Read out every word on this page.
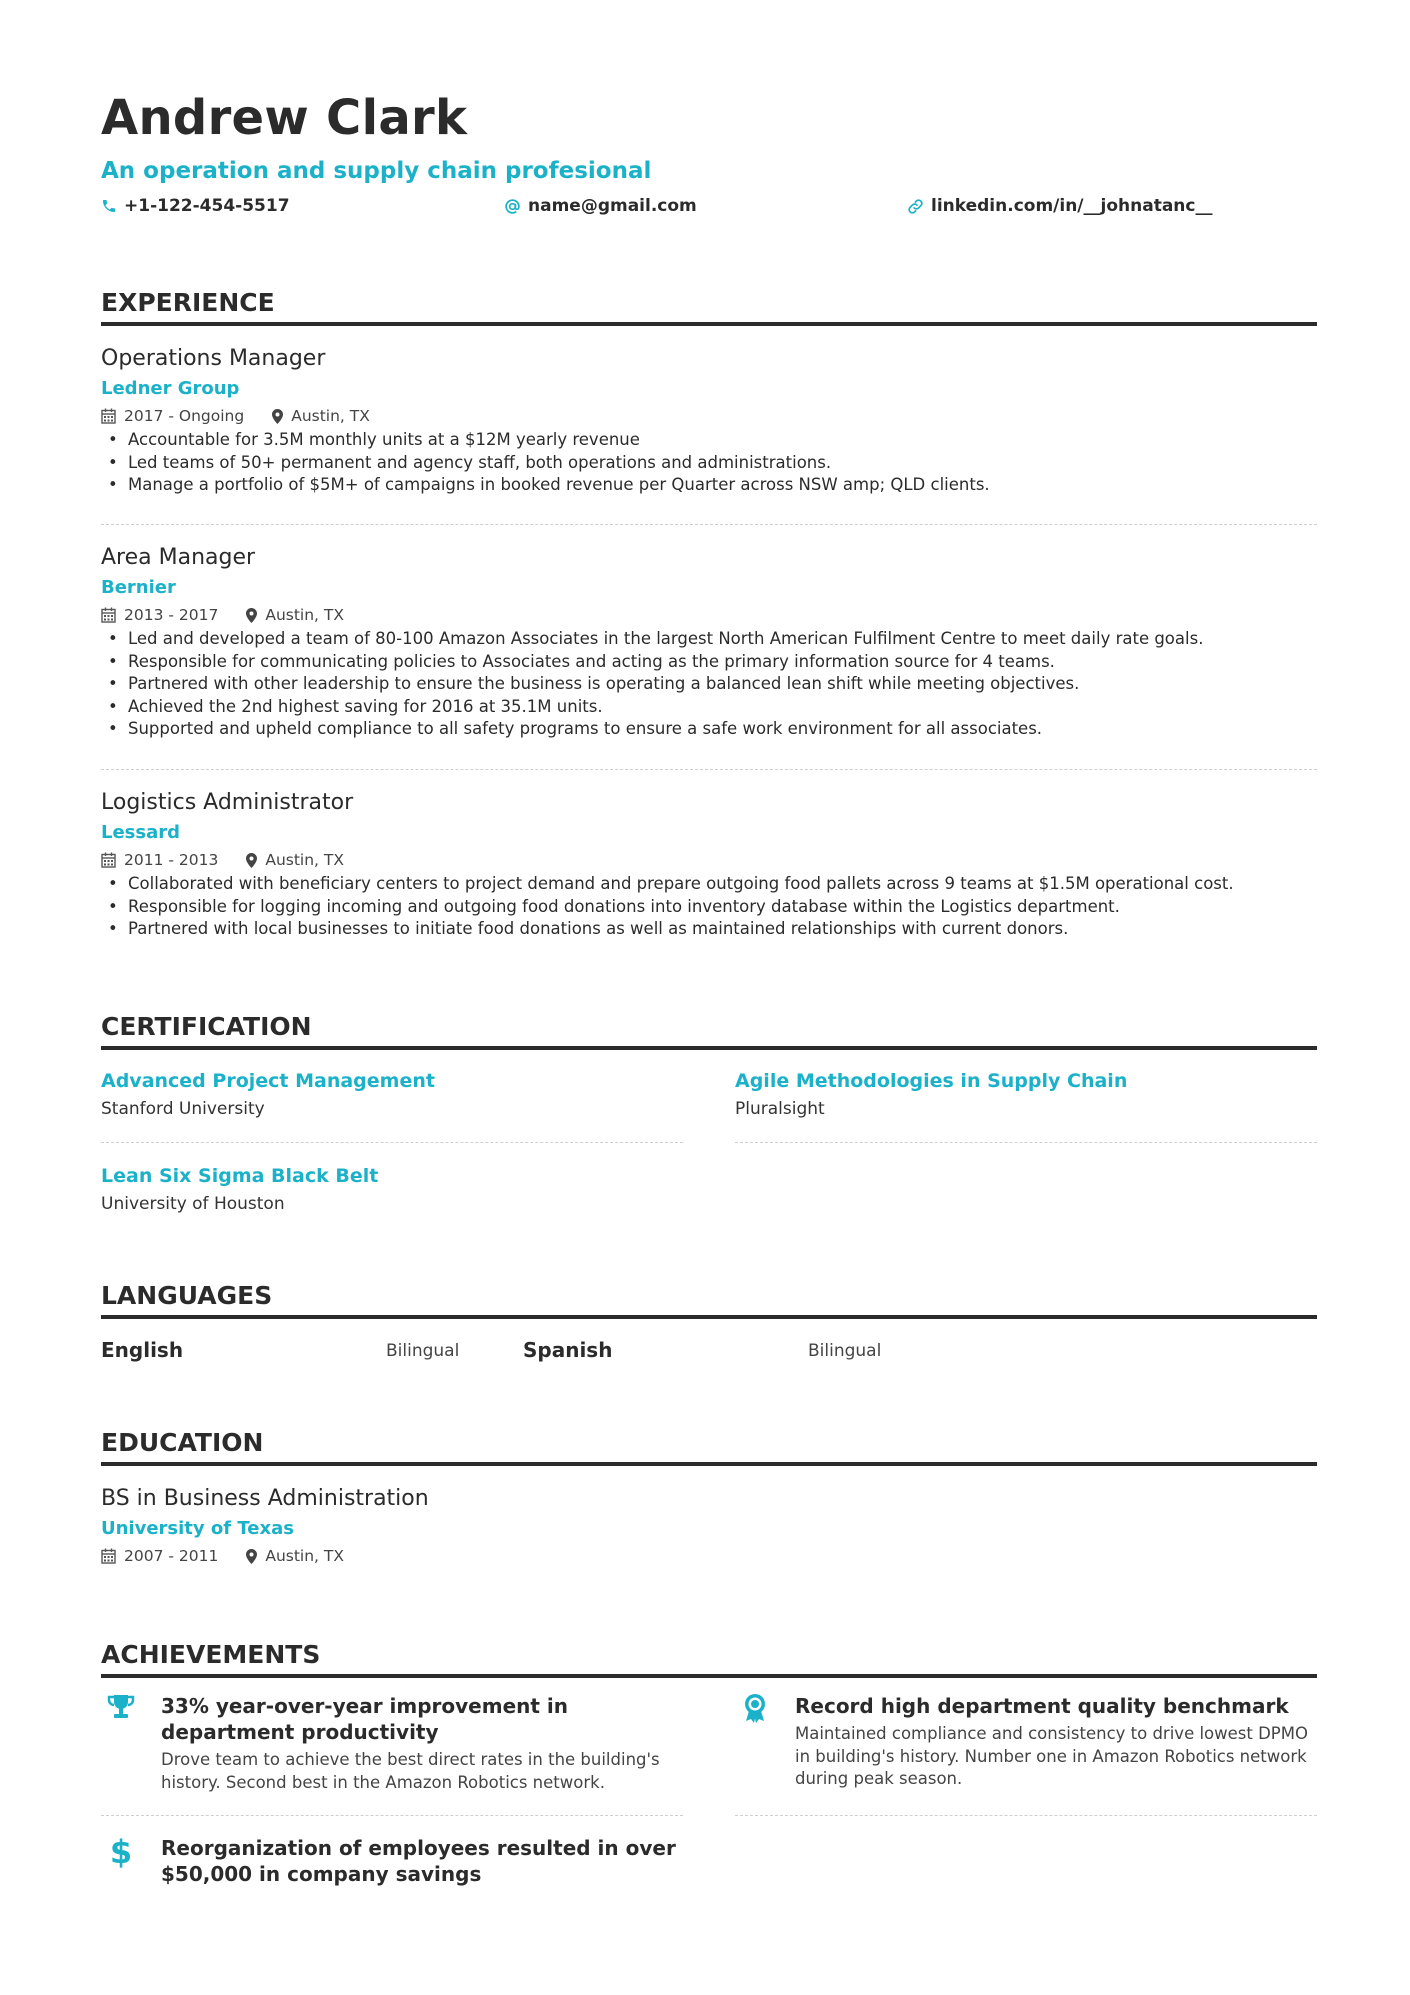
Andrew Clark
An operation and supply chain profesional
+1-122-454-5517	name@gmail.com	linkedin.com/in/__johnatanc__
EXPERIENCE
Operations Manager
Ledner Group
2017 - Ongoing	Austin, TX
• Accountable for 3.5M monthly units at a $12M yearly revenue
• Led teams of 50+ permanent and agency staff, both operations and administrations.
• Manage a portfolio of $5M+ of campaigns in booked revenue per Quarter across NSW amp; QLD clients.
Area Manager
Bernier
2013 - 2017	Austin, TX
• Led and developed a team of 80-100 Amazon Associates in the largest North American Fulfilment Centre to meet daily rate goals.
• Responsible for communicating policies to Associates and acting as the primary information source for 4 teams.
• Partnered with other leadership to ensure the business is operating a balanced lean shift while meeting objectives.
• Achieved the 2nd highest saving for 2016 at 35.1M units.
• Supported and upheld compliance to all safety programs to ensure a safe work environment for all associates.
Logistics Administrator
Lessard
2011 - 2013	Austin, TX
• Collaborated with beneficiary centers to project demand and prepare outgoing food pallets across 9 teams at $1.5M operational cost.
• Responsible for logging incoming and outgoing food donations into inventory database within the Logistics department.
• Partnered with local businesses to initiate food donations as well as maintained relationships with current donors.
CERTIFICATION
Advanced Project Management
Stanford University
Agile Methodologies in Supply Chain
Pluralsight
Lean Six Sigma Black Belt
University of Houston
LANGUAGES
English	Bilingual	Spanish	Bilingual
EDUCATION
BS in Business Administration
University of Texas
2007 - 2011	Austin, TX
ACHIEVEMENTS
33% year-over-year improvement in department productivity
Drove team to achieve the best direct rates in the building's history. Second best in the Amazon Robotics network.
Record high department quality benchmark
Maintained compliance and consistency to drive lowest DPMO in building's history. Number one in Amazon Robotics network during peak season.
$ Reorganization of employees resulted in over $50,000 in company savings
